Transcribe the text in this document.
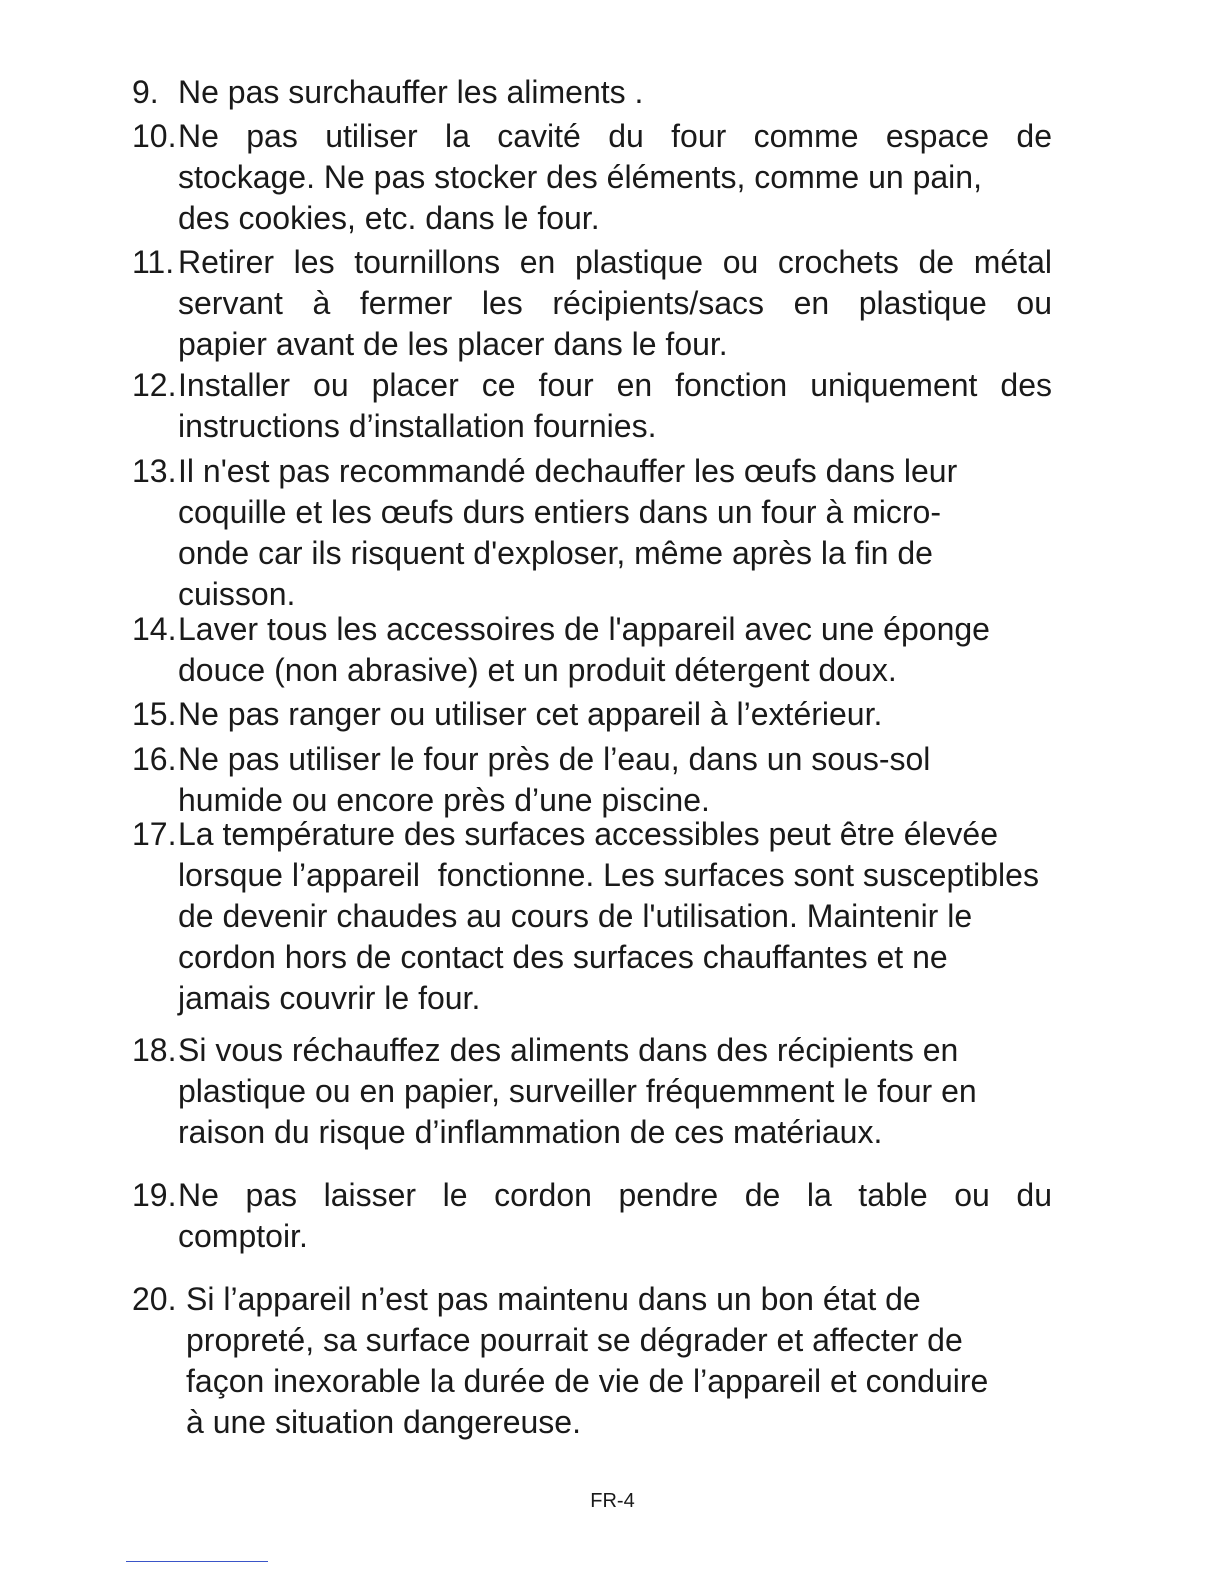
9. Ne pas surchauffer les aliments .
10. Ne pas utiliser la cavité du four comme espace de
stockage. Ne pas stocker des éléments, comme un pain,
des cookies, etc. dans le four.
11. Retirer les tournillons en plastique ou crochets de métal
servant à fermer les récipients/sacs en plastique ou
papier avant de les placer dans le four.
12. Installer ou placer ce four en fonction uniquement des
instructions d’installation fournies.
13. Il n'est pas recommandé dechauffer les œufs dans leur
coquille et les œufs durs entiers dans un four à micro-
onde car ils risquent d'exploser, même après la fin de
cuisson.
14. Laver tous les accessoires de l'appareil avec une éponge
douce (non abrasive) et un produit détergent doux.
15. Ne pas ranger ou utiliser cet appareil à l’extérieur.
16. Ne pas utiliser le four près de l’eau, dans un sous-sol
humide ou encore près d’une piscine.
17. La température des surfaces accessibles peut être élevée
lorsque l’appareil  fonctionne. Les surfaces sont susceptibles
de devenir chaudes au cours de l'utilisation. Maintenir le
cordon hors de contact des surfaces chauffantes et ne
jamais couvrir le four.
18. Si vous réchauffez des aliments dans des récipients en
plastique ou en papier, surveiller fréquemment le four en
raison du risque d’inflammation de ces matériaux.
19. Ne pas laisser le cordon pendre de la table ou du
comptoir.
20. Si l’appareil n’est pas maintenu dans un bon état de
propreté, sa surface pourrait se dégrader et affecter de
façon inexorable la durée de vie de l’appareil et conduire
à une situation dangereuse.
FR-4
